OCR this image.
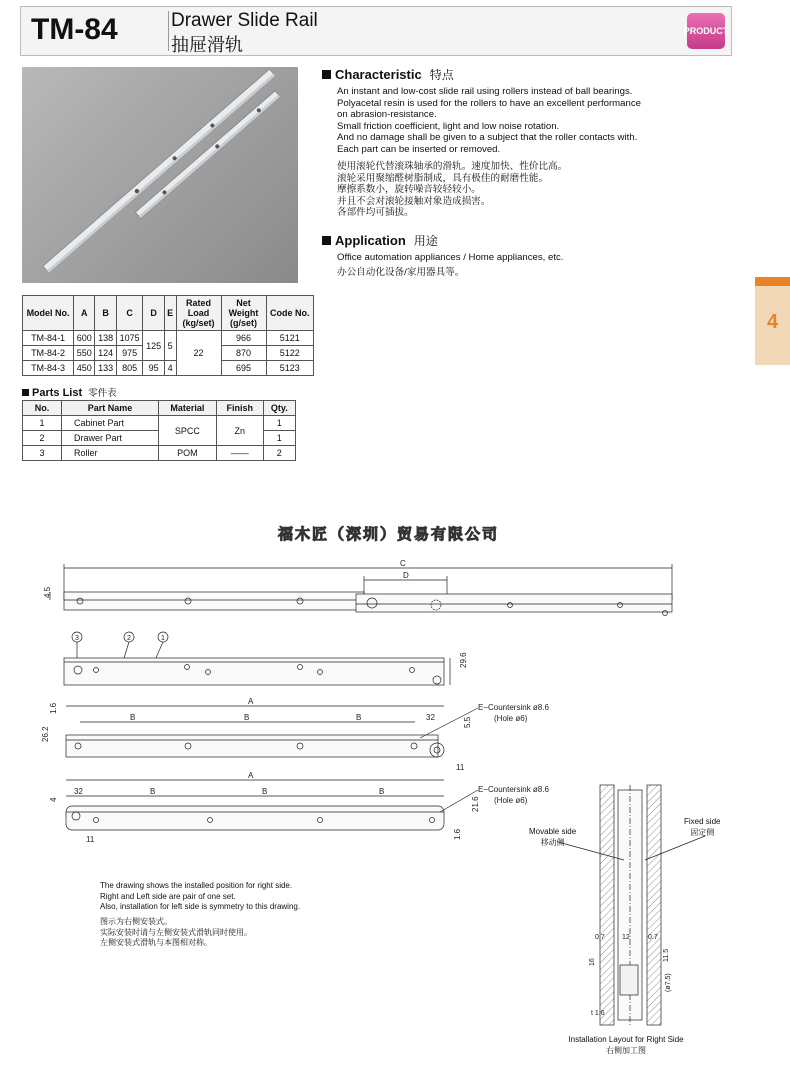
TM-84	Drawer Slide Rail
抽屉滑轨
PRODUCT
Characteristic 特点
An instant and low-cost slide rail using rollers instead of ball bearings.
Polyacetal resin is used for the rollers to have an excellent performance
on abrasion-resistance.
Small friction coefficient, light and low noise rotation.
And no damage shall be given to a subject that the roller contacts with.
Each part can be inserted or removed.
使用滚轮代替滚珠轴承的滑轨。速度加快、性价比高。
滚轮采用聚缩醛树脂制成，具有极佳的耐磨性能。
摩擦系数小，旋转噪音较轻较小。
并且不会对滚轮接触对象造成损害。
各部件均可插拔。
Application 用途
Office automation appliances / Home appliances, etc.
办公自动化设备/家用器具等。
Model No.	A	B	C	D	E	Rated Load (kg/set)	Net Weight (g/set)	Code No.
TM-84-1	600	138	1075	125	5	22	966	5121
TM-84-2	550	124	975				870	5122
TM-84-3	450	133	805	95	4		695	5123
Parts List 零件表
No.	Part Name	Material	Finish	Qty.
1	Cabinet Part	SPCC	Zn	1
2	Drawer Part			1
3	Roller	POM	——	2
4
福木匠（深圳）贸易有限公司
C
D
4.5
3	2	1
29.6
A
B	B	B	32
1.6
26.2
5.5
11
E−Countersink ø8.6
(Hole ø6)
A
32	B	B	B
4
11
21.6
1.6
E−Countersink ø8.6
(Hole ø6)
0.7 12	0.7
16
11.5
(ø7.5)
t 1.6
Movable side
移动侧
Fixed side
固定侧
Installation Layout for Right Side
右侧加工图
The drawing shows the installed position for right side.
Right and Left side are pair of one set.
Also, installation for left side is symmetry to this drawing.
图示为右侧安装式。
实际安装时请与左侧安装式滑轨同时使用。
左侧安装式滑轨与本图相对称。
